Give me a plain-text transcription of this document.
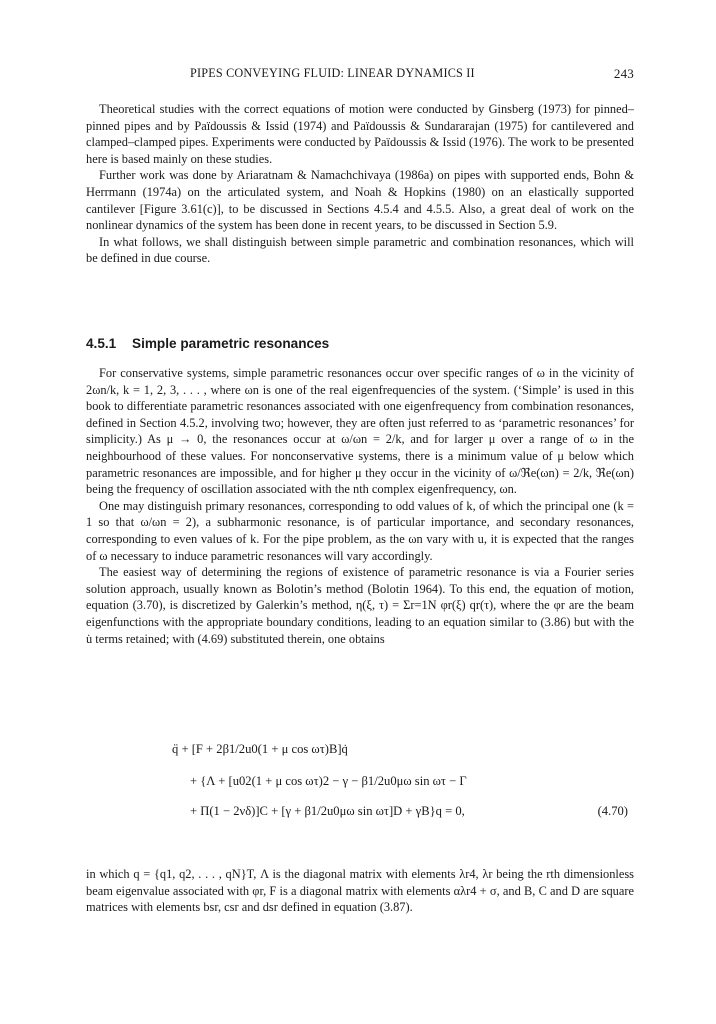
PIPES CONVEYING FLUID: LINEAR DYNAMICS II	243

Theoretical studies with the correct equations of motion were conducted by Ginsberg (1973) for pinned–pinned pipes and by Païdoussis & Issid (1974) and Païdoussis & Sundararajan (1975) for cantilevered and clamped–clamped pipes. Experiments were conducted by Païdoussis & Issid (1976). The work to be presented here is based mainly on these studies.

Further work was done by Ariaratnam & Namachchivaya (1986a) on pipes with supported ends, Bohn & Herrmann (1974a) on the articulated system, and Noah & Hopkins (1980) on an elastically supported cantilever [Figure 3.61(c)], to be discussed in Sections 4.5.4 and 4.5.5. Also, a great deal of work on the nonlinear dynamics of the system has been done in recent years, to be discussed in Section 5.9.

In what follows, we shall distinguish between simple parametric and combination resonances, which will be defined in due course.

4.5.1 Simple parametric resonances

For conservative systems, simple parametric resonances occur over specific ranges of ω in the vicinity of 2ωn/k, k = 1, 2, 3, . . . , where ωn is one of the real eigenfrequencies of the system. (‘Simple’ is used in this book to differentiate parametric resonances associated with one eigenfrequency from combination resonances, defined in Section 4.5.2, involving two; however, they are often just referred to as ‘parametric resonances’ for simplicity.) As μ → 0, the resonances occur at ω/ωn = 2/k, and for larger μ over a range of ω in the neighbourhood of these values. For nonconservative systems, there is a minimum value of μ below which parametric resonances are impossible, and for higher μ they occur in the vicinity of ω/ℜe(ωn) = 2/k, ℜe(ωn) being the frequency of oscillation associated with the nth complex eigenfrequency, ωn.

One may distinguish primary resonances, corresponding to odd values of k, of which the principal one (k = 1 so that ω/ωn = 2), a subharmonic resonance, is of particular importance, and secondary resonances, corresponding to even values of k. For the pipe problem, as the ωn vary with u, it is expected that the ranges of ω necessary to induce parametric resonances will vary accordingly.

The easiest way of determining the regions of existence of parametric resonance is via a Fourier series solution approach, usually known as Bolotin’s method (Bolotin 1964). To this end, the equation of motion, equation (3.70), is discretized by Galerkin’s method, η(ξ, τ) = Σr=1N φr(ξ) qr(τ), where the φr are the beam eigenfunctions with the appropriate boundary conditions, leading to an equation similar to (3.86) but with the u̇ terms retained; with (4.69) substituted therein, one obtains

q̈ + [F + 2β1/2u0(1 + μ cos ωτ)B]q̇
+ {Λ + [u02(1 + μ cos ωτ)2 − γ − β1/2u0μω sin ωτ − Γ
+ Π(1 − 2νδ)]C + [γ + β1/2u0μω sin ωτ]D + γB}q = 0,	(4.70)

in which q = {q1, q2, . . . , qN}T, Λ is the diagonal matrix with elements λr4, λr being the rth dimensionless beam eigenvalue associated with φr, F is a diagonal matrix with elements αλr4 + σ, and B, C and D are square matrices with elements bsr, csr and dsr defined in equation (3.87).
